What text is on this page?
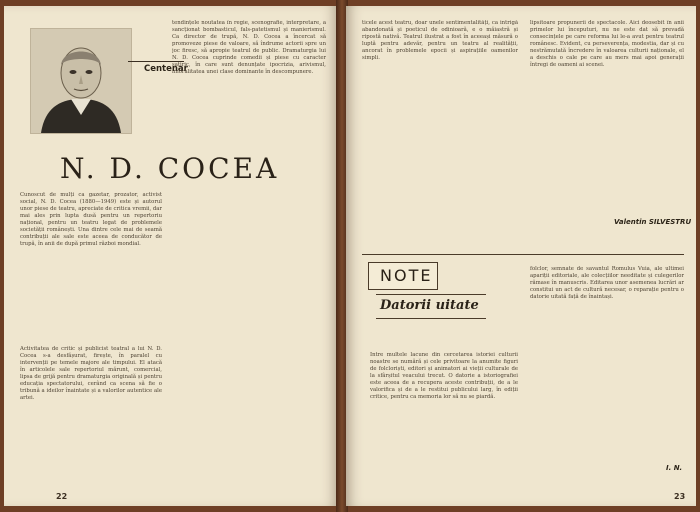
Centenar
N. D. COCEA
Cunoscut de mulți ca gazetar, prozator, activist social, N. D. Cocea (1880—1949) este și autorul unor piese de teatru, apreciate de critica vremii, dar mai ales prin lupta dusă pentru un repertoriu național, pentru un teatru legat de problemele societății românești. Una dintre cele mai de seamă contribuții ale sale este aceea de conducător de trupă, în anii de după primul război mondial.
Activitatea de critic și publicist teatral a lui N. D. Cocea s-a desfășurat, firește, în paralel cu intervenții pe temele majore ale timpului. El atacă în articolele sale repertoriul mărunt, comercial, lipsa de grijă pentru dramaturgia originală și pentru educația spectatorului, cerând ca scena să fie o tribună a ideilor înaintate și a valorilor autentice ale artei.
tendințele noutatea în regie, scenografie, interpretare, a sancționat bombasticul, fals-patetismul și manierismul. Ca director de trupă, N. D. Cocea a încercat să promoveze piese de valoare, să îndrume actorii spre un joc firesc, să apropie teatrul de public. Dramaturgia lui N. D. Cocea cuprinde comedii și piese cu caracter satiric, în care sunt denunțate ipocrizia, arivismul, imoralitatea unei clase dominante în descompunere.
22
ticele acest teatru, doar unele sentimentalități, ca intrigă abandonată și poeticul de odinioară, e o măiastră și ripostă nativă. Teatrul ilustrat a fost în aceeași măsură o luptă pentru adevăr, pentru un teatru al realității, ancorat în problemele epocii și aspirațiile oamenilor simpli.
lipsitoare propunerii de spectacole. Aici deosebit în anii primelor lui începuturi, nu ne este dat să prevadă consecințele pe care reforma lui le-a avut pentru teatrul românesc. Evident, cu perseverența, modestia, dar și cu nestrămutată încredere în valoarea culturii naționale, el a deschis o cale pe care au mers mai apoi generații întregi de oameni ai scenei.
Valentin SILVESTRU
Între multele lacune din cercetarea istoriei culturii noastre se numără și cele privitoare la anumite figuri de folcloriști, editori și animatori ai vieții culturale de la sfârșitul veacului trecut. O datorie a istoriografiei este aceea de a recupera aceste contribuții, de a le valorifica și de a le restitui publicului larg, în ediții critice, pentru ca memoria lor să nu se piardă.
folclor, semnate de savantul Romulus Vuia, ale ultimei apariții editoriale, ale colecțiilor needitate și culegerilor rămase în manuscris. Editarea unor asemenea lucrări ar constitui un act de cultură necesar, o reparație pentru o datorie uitată față de înaintași.
I. N.
23
NOTE
Datorii uitate
